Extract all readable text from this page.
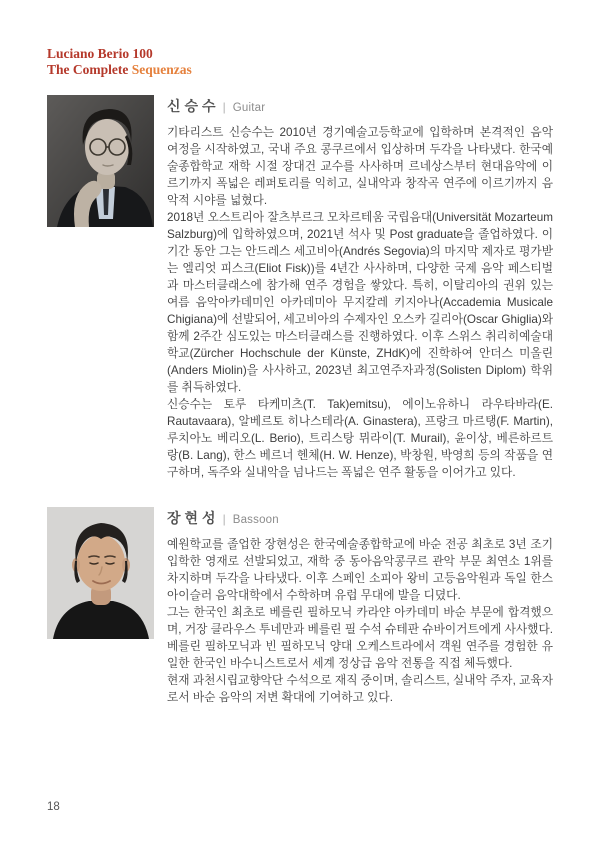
Luciano Berio 100
The Complete Sequenzas
신승수 | Guitar

기타리스트 신승수는 2010년 경기예술고등학교에 입학하며 본격적인 음악 여정을 시작하였고, 국내 주요 콩쿠르에서 입상하며 두각을 나타냈다. 한국예술종합학교 재학 시절 장대건 교수를 사사하며 르네상스부터 현대음악에 이르기까지 폭넓은 레퍼토리를 익히고, 실내악과 창작곡 연주에 이르기까지 음악적 시야를 넓혔다.

2018년 오스트리아 잘츠부르크 모차르테움 국립음대(Universität Mozarteum Salzburg)에 입학하였으며, 2021년 석사 및 Post graduate을 졸업하였다. 이 기간 동안 그는 안드레스 세고비아(Andrés Segovia)의 마지막 제자로 평가받는 엘리엇 피스크(Eliot Fisk))를 4년간 사사하며, 다양한 국제 음악 페스티벌과 마스터클래스에 참가해 연주 경험을 쌓았다. 특히, 이탈리아의 권위 있는 여름 음악아카데미인 아카데미아 무지칼레 키지아나(Accademia Musicale Chigiana)에 선발되어, 세고비아의 수제자인 오스카 길리아(Oscar Ghiglia)와 함께 2주간 심도있는 마스터클래스를 진행하였다. 이후 스위스 취리히예술대학교(Zürcher Hochschule der Künste, ZHdK)에 진학하여 안더스 미올린(Anders Miolin)을 사사하고, 2023년 최고연주자과정(Solisten Diplom) 학위를 취득하였다.

신승수는 토루 타케미츠(T. Tak)emitsu), 에이노유하니 라우타바라(E. Rautavaara), 알베르토 히나스테라(A. Ginastera), 프랑크 마르탱(F. Martin), 루치아노 베리오(L. Berio), 트리스탕 뮈라이(T. Murail), 윤이상, 베른하르트 랑(B. Lang), 한스 베르너 헨체(H. W. Henze), 박창원, 박영희 등의 작품을 연구하며, 독주와 실내악을 넘나드는 폭넓은 연주 활동을 이어가고 있다.

장현성 | Bassoon

예원학교를 졸업한 장현성은 한국예술종합학교에 바순 전공 최초로 3년 조기입학한 영재로 선발되었고, 재학 중 동아음악콩쿠르 관악 부문 최연소 1위를 차지하며 두각을 나타냈다. 이후 스페인 소피아 왕비 고등음악원과 독일 한스 아이슬러 음악대학에서 수학하며 유럽 무대에 발을 디뎠다.

그는 한국인 최초로 베를린 필하모닉 카라얀 아카데미 바순 부문에 합격했으며, 거장 클라우스 투네만과 베를린 필 수석 슈테판 슈바이거트에게 사사했다. 베를린 필하모닉과 빈 필하모닉 양대 오케스트라에서 객원 연주를 경험한 유일한 한국인 바수니스트로서 세계 정상급 음악 전통을 직접 체득했다.

현재 과천시립교향악단 수석으로 재직 중이며, 솔리스트, 실내악 주자, 교육자로서 바순 음악의 저변 확대에 기여하고 있다.

18
